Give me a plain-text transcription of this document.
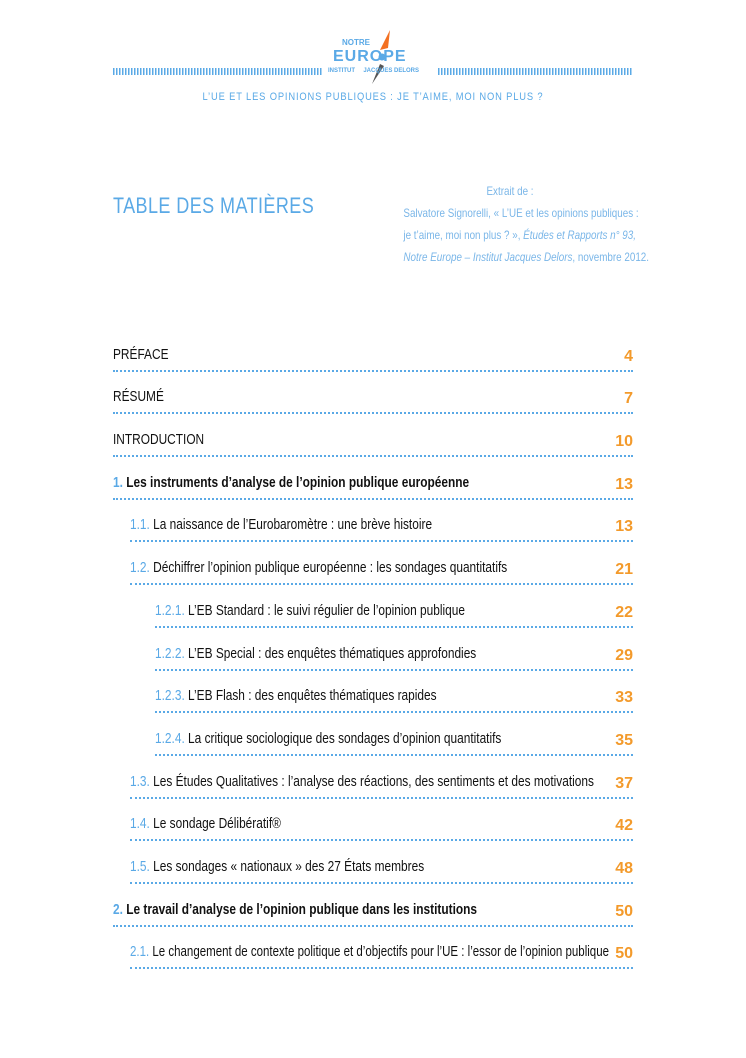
NOTRE
EUROPE
INSTITUT JACQUES DELORS
L’UE ET LES OPINIONS PUBLIQUES : JE T’AIME, MOI NON PLUS ?
TABLE DES MATIÈRES
Extrait de :
Salvatore Signorelli, « L’UE et les opinions publiques :
je t’aime, moi non plus ? », Études et Rapports n° 93,
Notre Europe – Institut Jacques Delors, novembre 2012.
PRÉFACE	4
RÉSUMÉ	7
INTRODUCTION	10
1. Les instruments d’analyse de l’opinion publique européenne	13
1.1. La naissance de l’Eurobaromètre : une brève histoire	13
1.2. Déchiffrer l’opinion publique européenne : les sondages quantitatifs	21
1.2.1. L’EB Standard : le suivi régulier de l’opinion publique	22
1.2.2. L’EB Special : des enquêtes thématiques approfondies	29
1.2.3. L’EB Flash : des enquêtes thématiques rapides	33
1.2.4. La critique sociologique des sondages d’opinion quantitatifs	35
1.3. Les Études Qualitatives : l’analyse des réactions, des sentiments et des motivations 37
1.4. Le sondage Délibératif®	42
1.5. Les sondages « nationaux » des 27 États membres	48
2. Le travail d’analyse de l’opinion publique dans les institutions	50
2.1. Le changement de contexte politique et d’objectifs pour l’UE : l’essor de l’opinion publique 50
